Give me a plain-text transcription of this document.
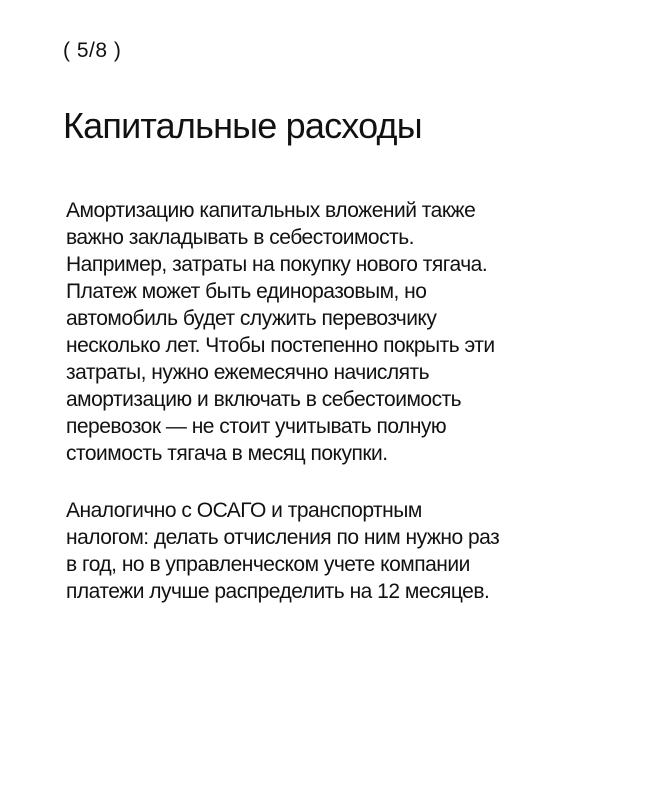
( 5/8 )
Капитальные расходы

Амортизацию капитальных вложений также
важно закладывать в себестоимость.
Например, затраты на покупку нового тягача.
Платеж может быть единоразовым, но
автомобиль будет служить перевозчику
несколько лет. Чтобы постепенно покрыть эти
затраты, нужно ежемесячно начислять
амортизацию и включать в себестоимость
перевозок — не стоит учитывать полную
стоимость тягача в месяц покупки.

Аналогично с ОСАГО и транспортным
налогом: делать отчисления по ним нужно раз
в год, но в управленческом учете компании
платежи лучше распределить на 12 месяцев.
